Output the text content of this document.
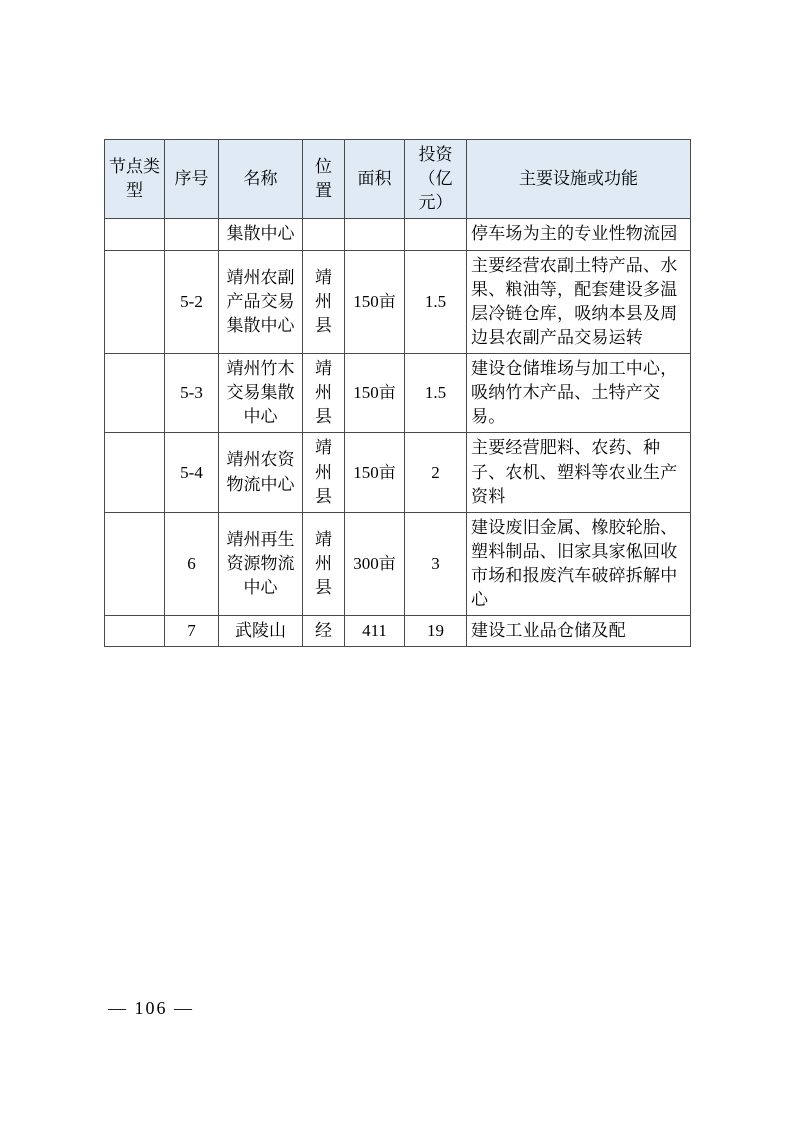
节点类型	序号	名称	位置	面积	投资（亿元）	主要设施或功能
		集散中心				停车场为主的专业性物流园
	5-2	靖州农副产品交易集散中心	靖州县	150亩	1.5	主要经营农副土特产品、水果、粮油等，配套建设多温层冷链仓库，吸纳本县及周边县农副产品交易运转
	5-3	靖州竹木交易集散中心	靖州县	150亩	1.5	建设仓储堆场与加工中心，吸纳竹木产品、土特产交易。
	5-4	靖州农资物流中心	靖州县	150亩	2	主要经营肥料、农药、种子、农机、塑料等农业生产资料
	6	靖州再生资源物流中心	靖州县	300亩	3	建设废旧金属、橡胶轮胎、塑料制品、旧家具家俬回收市场和报废汽车破碎拆解中心
	7	武陵山	经	411	19	建设工业品仓储及配
— 106 —
